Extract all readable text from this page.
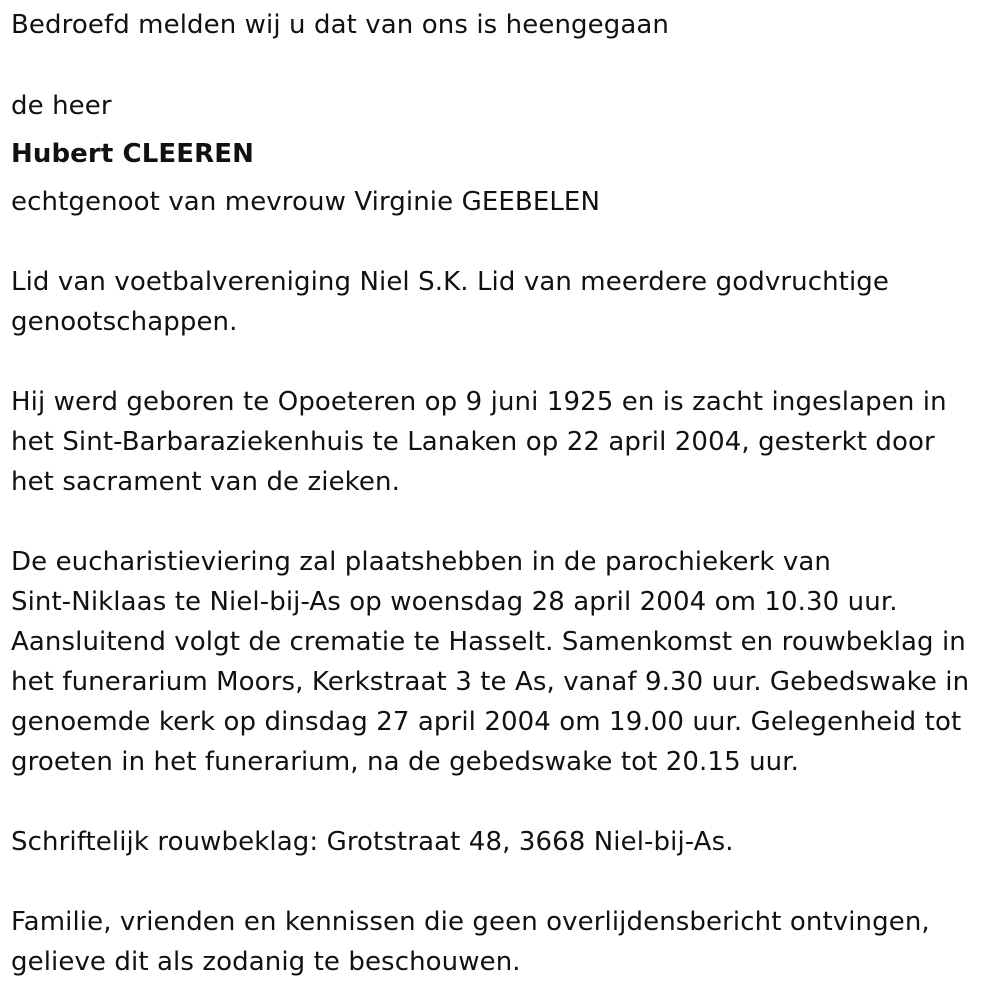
Bedroefd melden wij u dat van ons is heengegaan
de heer
Hubert CLEEREN
echtgenoot van mevrouw Virginie GEEBELEN
Lid van voetbalvereniging Niel S.K. Lid van meerdere godvruchtige
genootschappen.
Hij werd geboren te Opoeteren op 9 juni 1925 en is zacht ingeslapen in
het Sint-Barbaraziekenhuis te Lanaken op 22 april 2004, gesterkt door
het sacrament van de zieken.
De eucharistieviering zal plaatshebben in de parochiekerk van
Sint-Niklaas te Niel-bij-As op woensdag 28 april 2004 om 10.30 uur.
Aansluitend volgt de crematie te Hasselt. Samenkomst en rouwbeklag in
het funerarium Moors, Kerkstraat 3 te As, vanaf 9.30 uur. Gebedswake in
genoemde kerk op dinsdag 27 april 2004 om 19.00 uur. Gelegenheid tot
groeten in het funerarium, na de gebedswake tot 20.15 uur.
Schriftelijk rouwbeklag: Grotstraat 48, 3668 Niel-bij-As.
Familie, vrienden en kennissen die geen overlijdensbericht ontvingen,
gelieve dit als zodanig te beschouwen.
